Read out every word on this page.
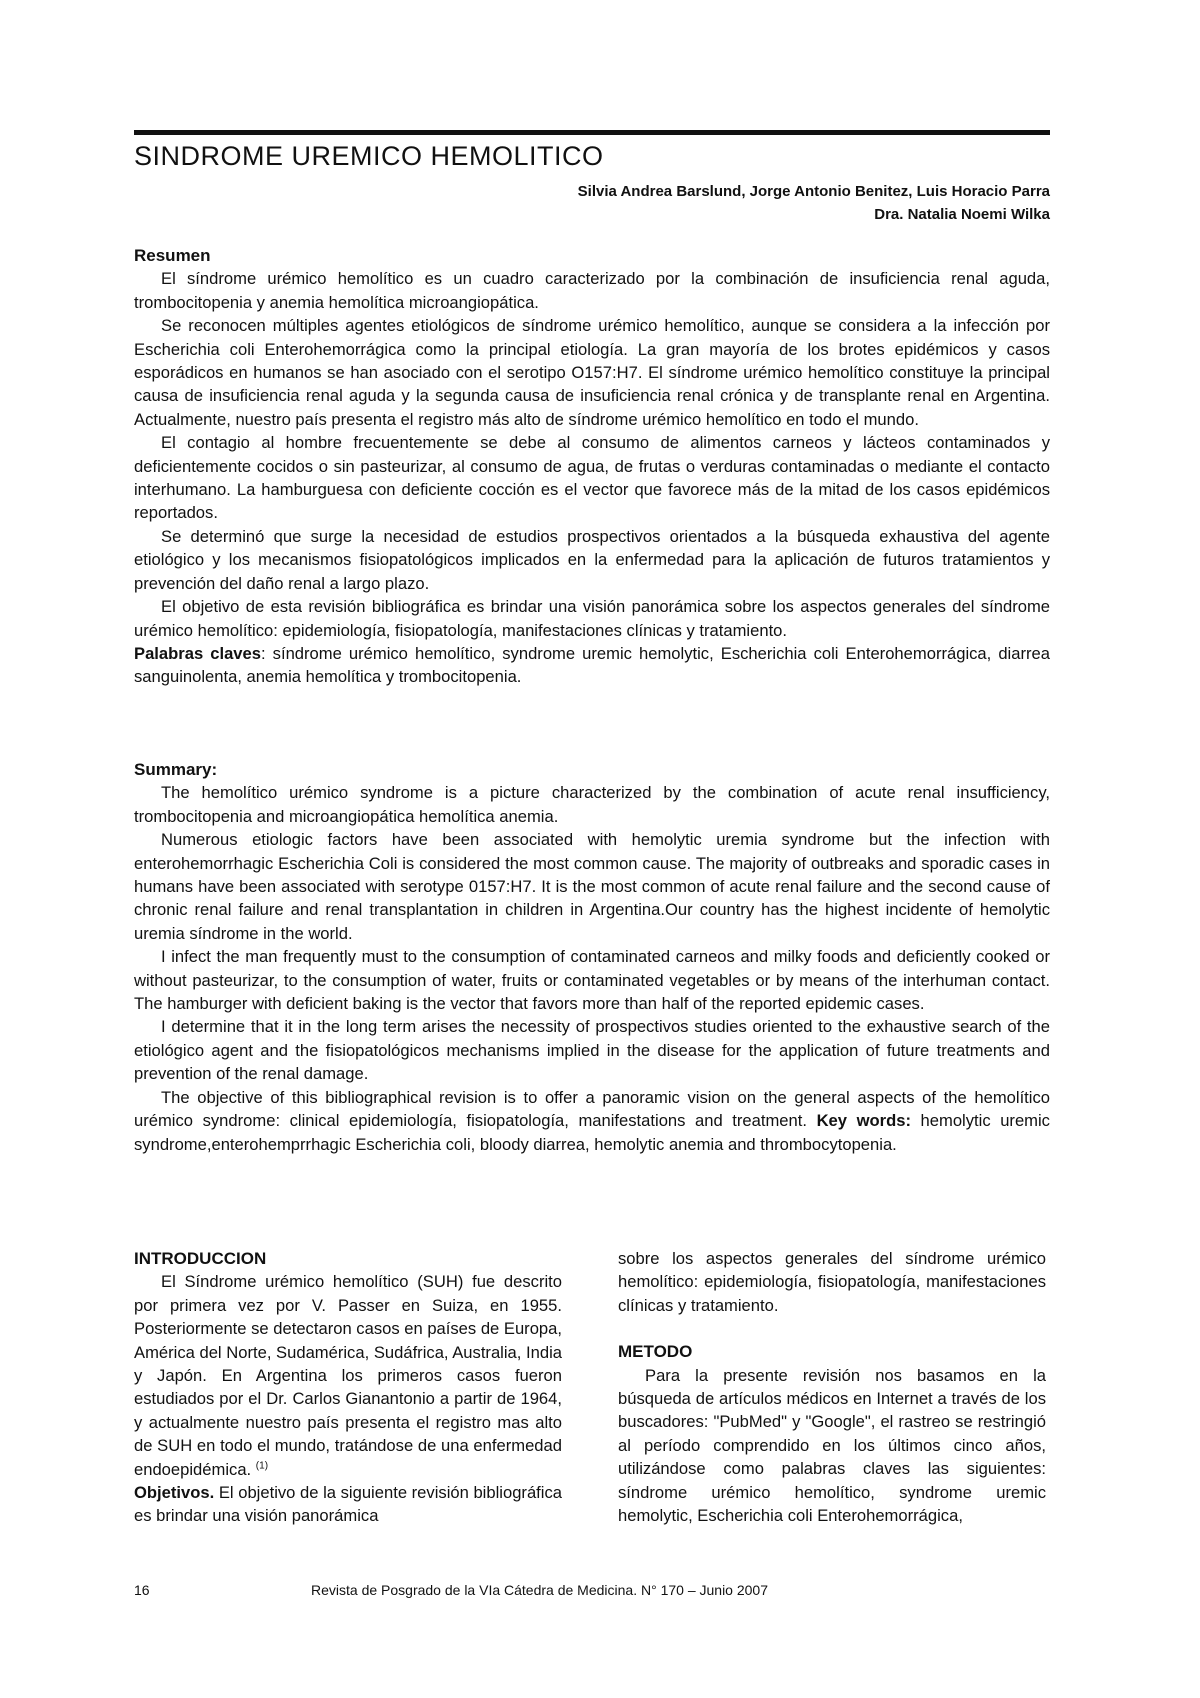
SINDROME UREMICO HEMOLITICO
Silvia Andrea Barslund, Jorge Antonio Benitez, Luis Horacio Parra
Dra. Natalia Noemi Wilka
Resumen

El síndrome urémico hemolítico es un cuadro caracterizado por la combinación de insuficiencia renal aguda, trombocitopenia y anemia hemolítica microangiopática.

Se reconocen múltiples agentes etiológicos de síndrome urémico hemolítico, aunque se considera a la infección por Escherichia coli Enterohemorrágica como la principal etiología. La gran mayoría de los brotes epidémicos y casos esporádicos en humanos se han asociado con el serotipo O157:H7. El síndrome urémico hemolítico constituye la principal causa de insuficiencia renal aguda y la segunda causa de insuficiencia renal crónica y de transplante renal en Argentina. Actualmente, nuestro país presenta el registro más alto de síndrome urémico hemolítico en todo el mundo.

El contagio al hombre frecuentemente se debe al consumo de alimentos carneos y lácteos contaminados y deficientemente cocidos o sin pasteurizar, al consumo de agua, de frutas o verduras contaminadas o mediante el contacto interhumano. La hamburguesa con deficiente cocción es el vector que favorece más de la mitad de los casos epidémicos reportados.

Se determinó que surge la necesidad de estudios prospectivos orientados a la búsqueda exhaustiva del agente etiológico y los mecanismos fisiopatológicos implicados en la enfermedad para la aplicación de futuros tratamientos y prevención del daño renal a largo plazo.

El objetivo de esta revisión bibliográfica es brindar una visión panorámica sobre los aspectos generales del síndrome urémico hemolítico: epidemiología, fisiopatología, manifestaciones clínicas y tratamiento.

Palabras claves: síndrome urémico hemolítico, syndrome uremic hemolytic, Escherichia coli Enterohemorrágica, diarrea sanguinolenta, anemia hemolítica y trombocitopenia.

Summary:

The hemolítico urémico syndrome is a picture characterized by the combination of acute renal insufficiency, trombocitopenia and microangiopática hemolítica anemia.

Numerous etiologic factors have been associated with hemolytic uremia syndrome but the infection with enterohemorrhagic Escherichia Coli is considered the most common cause. The majority of outbreaks and sporadic cases in humans have been associated with serotype 0157:H7. It is the most common of acute renal failure and the second cause of chronic renal failure and renal transplantation in children in Argentina.Our country has the highest incidente of hemolytic uremia síndrome in the world.

I infect the man frequently must to the consumption of contaminated carneos and milky foods and deficiently cooked or without pasteurizar, to the consumption of water, fruits or contaminated vegetables or by means of the interhuman contact. The hamburger with deficient baking is the vector that favors more than half of the reported epidemic cases.

I determine that it in the long term arises the necessity of prospectivos studies oriented to the exhaustive search of the etiológico agent and the fisiopatológicos mechanisms implied in the disease for the application of future treatments and prevention of the renal damage.

The objective of this bibliographical revision is to offer a panoramic vision on the general aspects of the hemolítico urémico syndrome: clinical epidemiología, fisiopatología, manifestations and treatment. Key words: hemolytic uremic syndrome,enterohemprrhagic Escherichia coli, bloody diarrea, hemolytic anemia and thrombocytopenia.

INTRODUCCION

El Síndrome urémico hemolítico (SUH) fue descrito por primera vez por V. Passer en Suiza, en 1955. Posteriormente se detectaron casos en países de Europa, América del Norte, Sudamérica, Sudáfrica, Australia, India y Japón. En Argentina los primeros casos fueron estudiados por el Dr. Carlos Gianantonio a partir de 1964, y actualmente nuestro país presenta el registro mas alto de SUH en todo el mundo, tratándose de una enfermedad endoepidémica. $^{(1)}$

Objetivos. El objetivo de la siguiente revisión bibliográfica es brindar una visión panorámica

sobre los aspectos generales del síndrome urémico hemolítico: epidemiología, fisiopatología, manifestaciones clínicas y tratamiento.

METODO

Para la presente revisión nos basamos en la búsqueda de artículos médicos en Internet a través de los buscadores: "PubMed" y "Google", el rastreo se restringió al período comprendido en los últimos cinco años, utilizándose como palabras claves las siguientes: síndrome urémico hemolítico, syndrome uremic hemolytic, Escherichia coli Enterohemorrágica,

16	Revista de Posgrado de la VIa Cátedra de Medicina. N° 170 – Junio 2007
